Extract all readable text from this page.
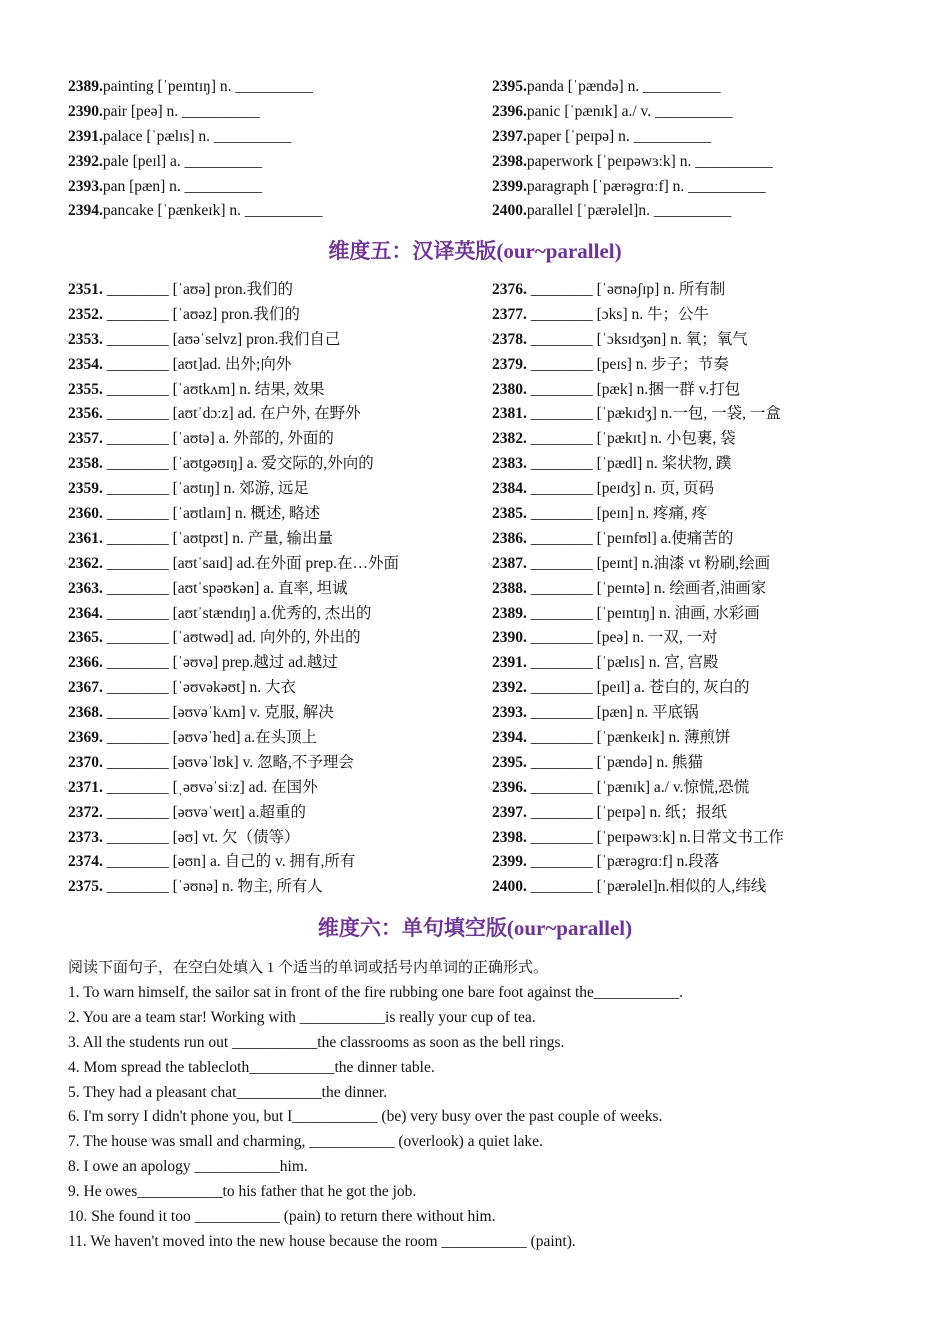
2389.painting [ˈpeɪntɪŋ] n. __________
2390.pair [peə] n. __________
2391.palace [ˈpælɪs] n. __________
2392.pale [peɪl] a. __________
2393.pan [pæn] n. __________
2394.pancake [ˈpænkeɪk] n. __________
2395.panda [ˈpændə] n. __________
2396.panic [ˈpænɪk] a./ v. __________
2397.paper [ˈpeɪpə] n. __________
2398.paperwork [ˈpeɪpəwɜːk] n. __________
2399.paragraph [ˈpærəgrɑːf] n. __________
2400.parallel [ˈpærəlel]n. __________
维度五：汉译英版(our~parallel)
2351. ________ [ˈaʊə] pron.我们的
2352. ________ [ˈaʊəz] pron.我们的
2353. ________ [aʊəˈselvz] pron.我们自己
2354. ________ [aʊt]ad. 出外;向外
2355. ________ [ˈaʊtkʌm] n. 结果, 效果
2356. ________ [aʊtˈdɔːz] ad. 在户外, 在野外
2357. ________ [ˈaʊtə] a. 外部的, 外面的
2358. ________ [ˈaʊtgəʊɪŋ] a. 爱交际的,外向的
2359. ________ [ˈaʊtɪŋ] n. 郊游, 远足
2360. ________ [ˈaʊtlaɪn] n. 概述, 略述
2361. ________ [ˈaʊtpʊt] n. 产量, 输出量
2362. ________ [aʊtˈsaɪd] ad.在外面 prep.在…外面
2363. ________ [aʊtˈspəʊkən] a. 直率, 坦诚
2364. ________ [aʊtˈstændɪŋ] a.优秀的, 杰出的
2365. ________ [ˈaʊtwəd] ad. 向外的, 外出的
2366. ________ [ˈəʊvə] prep.越过 ad.越过
2367. ________ [ˈəʊvəkəʊt] n. 大衣
2368. ________ [əʊvəˈkʌm] v. 克服, 解决
2369. ________ [əʊvəˈhed] a.在头顶上
2370. ________ [əʊvəˈlʊk] v. 忽略,不予理会
2371. ________ [ˌəʊvəˈsiːz] ad. 在国外
2372. ________ [əʊvəˈweɪt] a.超重的
2373. ________ [əʊ] vt. 欠（债等）
2374. ________ [əʊn] a. 自己的 v. 拥有,所有
2375. ________ [ˈəʊnə] n. 物主, 所有人
2376. ________ [ˈəʊnəʃɪp] n. 所有制
2377. ________ [ɔks] n. 牛；公牛
2378. ________ [ˈɔksɪdʒən] n. 氧；氧气
2379. ________ [peɪs] n. 步子；节奏
2380. ________ [pæk] n.捆一群 v.打包
2381. ________ [ˈpækɪdʒ] n.一包, 一袋, 一盒
2382. ________ [ˈpækɪt] n. 小包裹, 袋
2383. ________ [ˈpædl] n. 桨状物, 蹼
2384. ________ [peɪdʒ] n. 页, 页码
2385. ________ [peɪn] n. 疼痛, 疼
2386. ________ [ˈpeɪnfʊl] a.使痛苦的
2387. ________ [peɪnt] n.油漆 vt 粉刷,绘画
2388. ________ [ˈpeɪntə] n. 绘画者,油画家
2389. ________ [ˈpeɪntɪŋ] n. 油画, 水彩画
2390. ________ [peə] n. 一双, 一对
2391. ________ [ˈpælɪs] n. 宫, 宫殿
2392. ________ [peɪl] a. 苍白的, 灰白的
2393. ________ [pæn] n. 平底锅
2394. ________ [ˈpænkeɪk] n. 薄煎饼
2395. ________ [ˈpændə] n. 熊猫
2396. ________ [ˈpænɪk] a./ v.惊慌,恐慌
2397. ________ [ˈpeɪpə] n. 纸；报纸
2398. ________ [ˈpeɪpəwɜːk] n.日常文书工作
2399. ________ [ˈpærəgrɑːf] n.段落
2400. ________ [ˈpærəlel]n.相似的人,纬线
维度六：单句填空版(our~parallel)
阅读下面句子，在空白处填入 1 个适当的单词或括号内单词的正确形式。
1. To warn himself, the sailor sat in front of the fire rubbing one bare foot against the___________.
2. You are a team star! Working with ___________is really your cup of tea.
3. All the students run out ___________the classrooms as soon as the bell rings.
4. Mom spread the tablecloth___________the dinner table.
5. They had a pleasant chat___________the dinner.
6. I'm sorry I didn't phone you, but I___________ (be) very busy over the past couple of weeks.
7. The house was small and charming, ___________ (overlook) a quiet lake.
8. I owe an apology ___________him.
9. He owes___________to his father that he got the job.
10. She found it too ___________ (pain) to return there without him.
11. We haven't moved into the new house because the room ___________ (paint).
